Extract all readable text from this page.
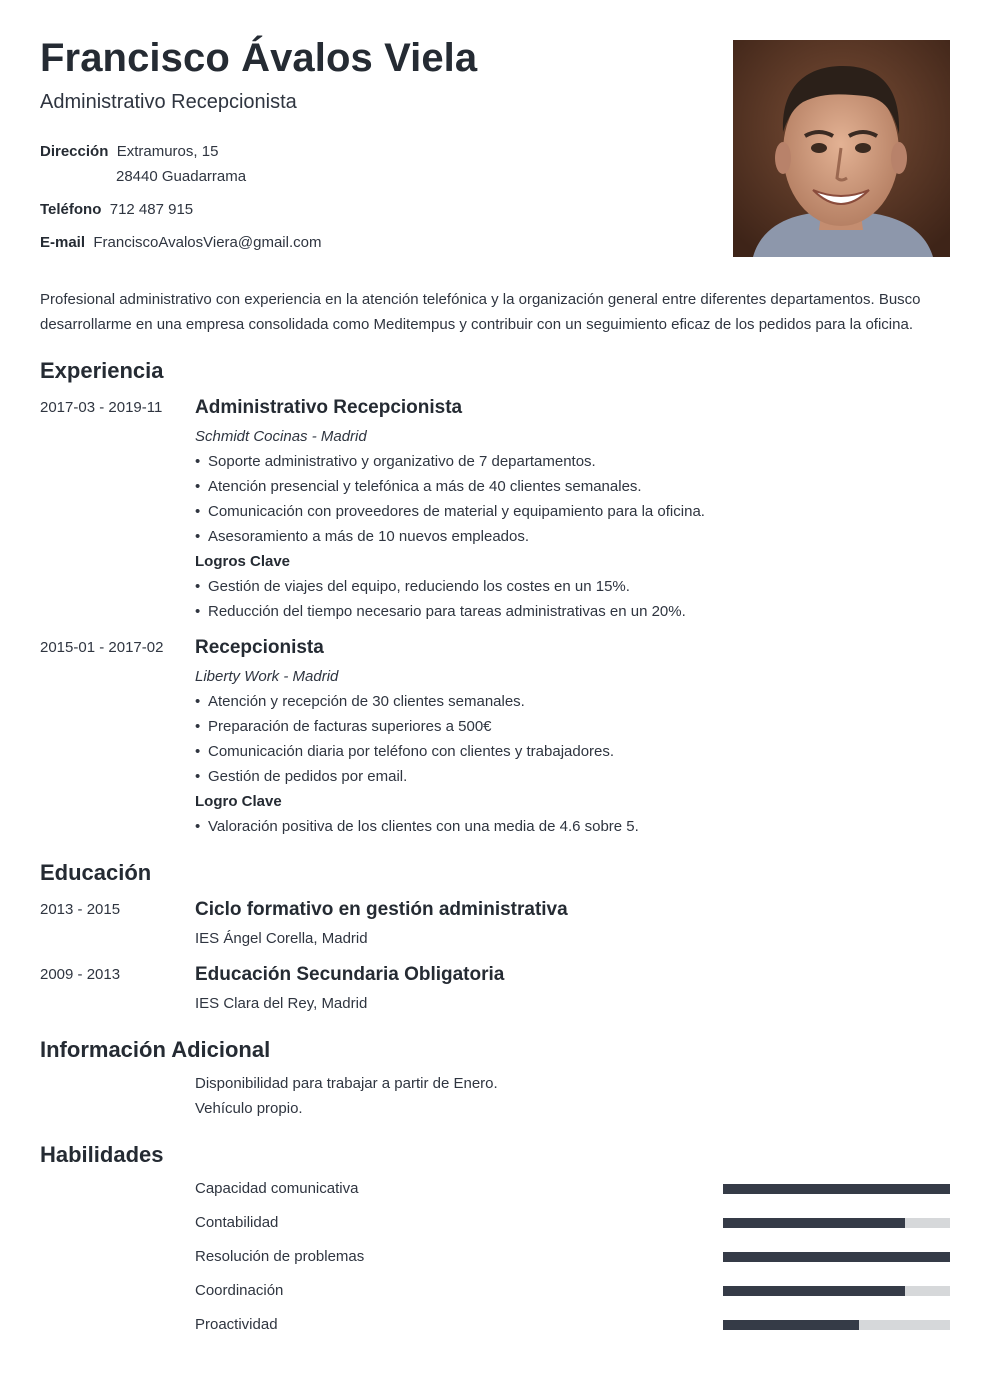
Francisco Ávalos Viela
Administrativo Recepcionista
Dirección Extramuros, 15
28440 Guadarrama
Teléfono 712 487 915
E-mail FranciscoAvalosViera@gmail.com

Profesional administrativo con experiencia en la atención telefónica y la organización general entre diferentes departamentos. Busco desarrollarme en una empresa consolidada como Meditempus y contribuir con un seguimiento eficaz de los pedidos para la oficina.

Experiencia
2017-03 - 2019-11 Administrativo Recepcionista
Schmidt Cocinas - Madrid
• Soporte administrativo y organizativo de 7 departamentos.
• Atención presencial y telefónica a más de 40 clientes semanales.
• Comunicación con proveedores de material y equipamiento para la oficina.
• Asesoramiento a más de 10 nuevos empleados.
Logros Clave
• Gestión de viajes del equipo, reduciendo los costes en un 15%.
• Reducción del tiempo necesario para tareas administrativas en un 20%.
2015-01 - 2017-02 Recepcionista
Liberty Work - Madrid
• Atención y recepción de 30 clientes semanales.
• Preparación de facturas superiores a 500€
• Comunicación diaria por teléfono con clientes y trabajadores.
• Gestión de pedidos por email.
Logro Clave
• Valoración positiva de los clientes con una media de 4.6 sobre 5.
Educación
2013 - 2015	Ciclo formativo en gestión administrativa
IES Ángel Corella, Madrid
2009 - 2013	Educación Secundaria Obligatoria
IES Clara del Rey, Madrid
Información Adicional
Disponibilidad para trabajar a partir de Enero.
Vehículo propio.
Habilidades
Capacidad comunicativa
Contabilidad
Resolución de problemas
Coordinación
Proactividad
